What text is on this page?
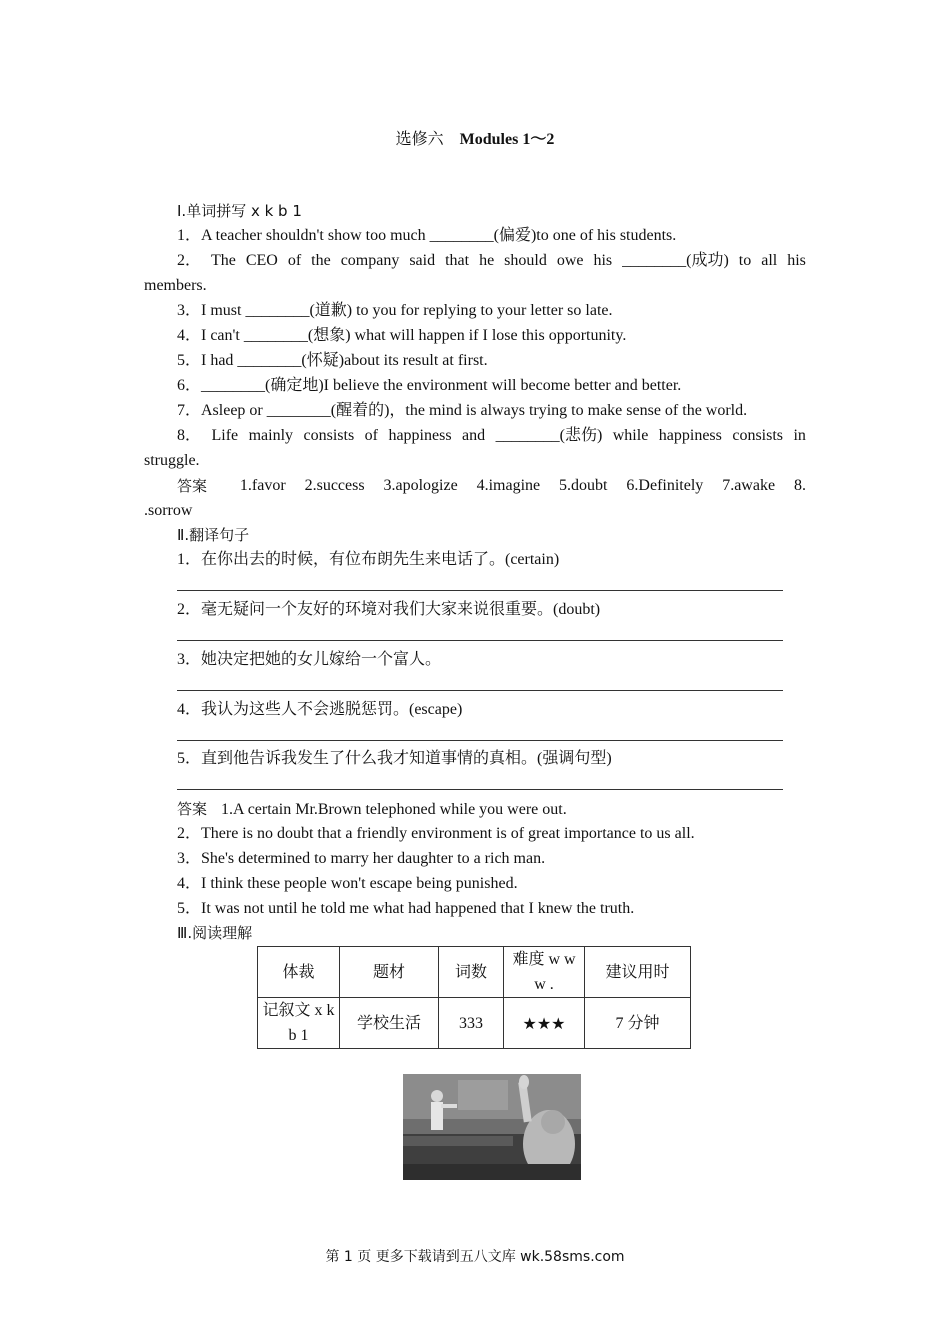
选修六 Modules 1～2
Ⅰ.单词拼写 x k b 1
1．A teacher shouldn't show too much ________(偏爱)to one of his students.
2． The CEO of the company said that he should owe his ________(成功) to all his
members.
3．I must ________(道歉) to you for replying to your letter so late.
4．I can't ________(想象) what will happen if I lose this opportunity.
5．I had ________(怀疑)about its result at first.
6．________(确定地)I believe the environment will become better and better.
7．Asleep or ________(醒着的)，the mind is always trying to make sense of the world.
8． Life mainly consists of happiness and ________(悲伤) while happiness consists in
struggle.
答案 1.favor 2.success 3.apologize 4.imagine 5.doubt 6.Definitely 7.awake 8.
.sorrow
Ⅱ.翻译句子
1．在你出去的时候，有位布朗先生来电话了。(certain)
2．毫无疑问一个友好的环境对我们大家来说很重要。(doubt)
3．她决定把她的女儿嫁给一个富人。
4．我认为这些人不会逃脱惩罚。(escape)
5．直到他告诉我发生了什么我才知道事情的真相。(强调句型)
答案 1.A certain Mr.Brown telephoned while you were out.
2．There is no doubt that a friendly environment is of great importance to us all.
3．She's determined to marry her daughter to a rich man.
4．I think these people won't escape being punished.
5．It was not until he told me what had happened that I knew the truth.
Ⅲ.阅读理解
体裁	题材	词数	难度 w w w .	建议用时
记叙文 x k b 1	学校生活	333	★★★	7 分钟
第 1 页 更多下载请到五八文库 wk.58sms.com
